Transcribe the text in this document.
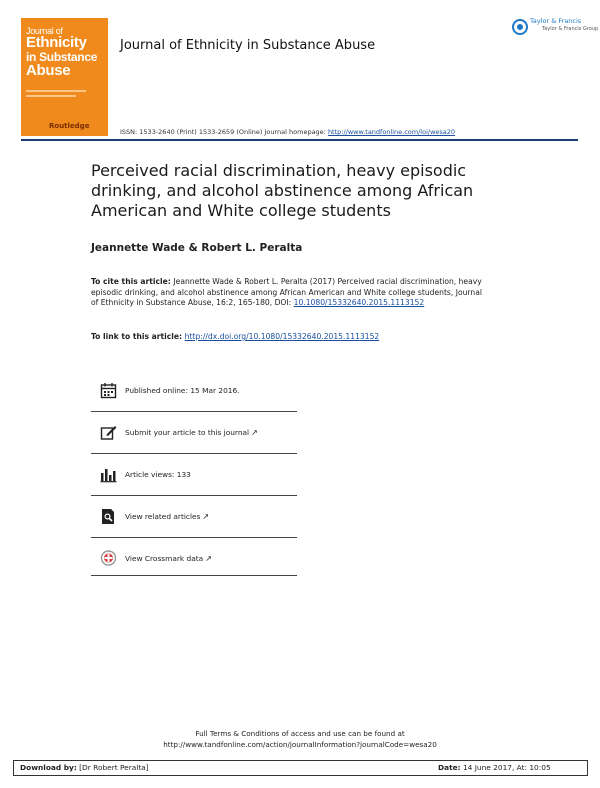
Journal of
Ethnicity
in Substance
Abuse
Routledge
Journal of Ethnicity in Substance Abuse
Taylor & Francis
Taylor & Francis Group
ISSN: 1533-2640 (Print) 1533-2659 (Online) Journal homepage: http://www.tandfonline.com/loi/wesa20
Perceived racial discrimination, heavy episodic drinking, and alcohol abstinence among African American and White college students
Jeannette Wade & Robert L. Peralta
To cite this article: Jeannette Wade & Robert L. Peralta (2017) Perceived racial discrimination, heavy episodic drinking, and alcohol abstinence among African American and White college students, Journal of Ethnicity in Substance Abuse, 16:2, 165-180, DOI: 10.1080/15332640.2015.1113152
To link to this article: http://dx.doi.org/10.1080/15332640.2015.1113152
Published online: 15 Mar 2016.
Submit your article to this journal ↗
Article views: 133
View related articles ↗
View Crossmark data ↗
Full Terms & Conditions of access and use can be found at
http://www.tandfonline.com/action/journalInformation?journalCode=wesa20
Download by: [Dr Robert Peralta]	Date: 14 June 2017, At: 10:05
